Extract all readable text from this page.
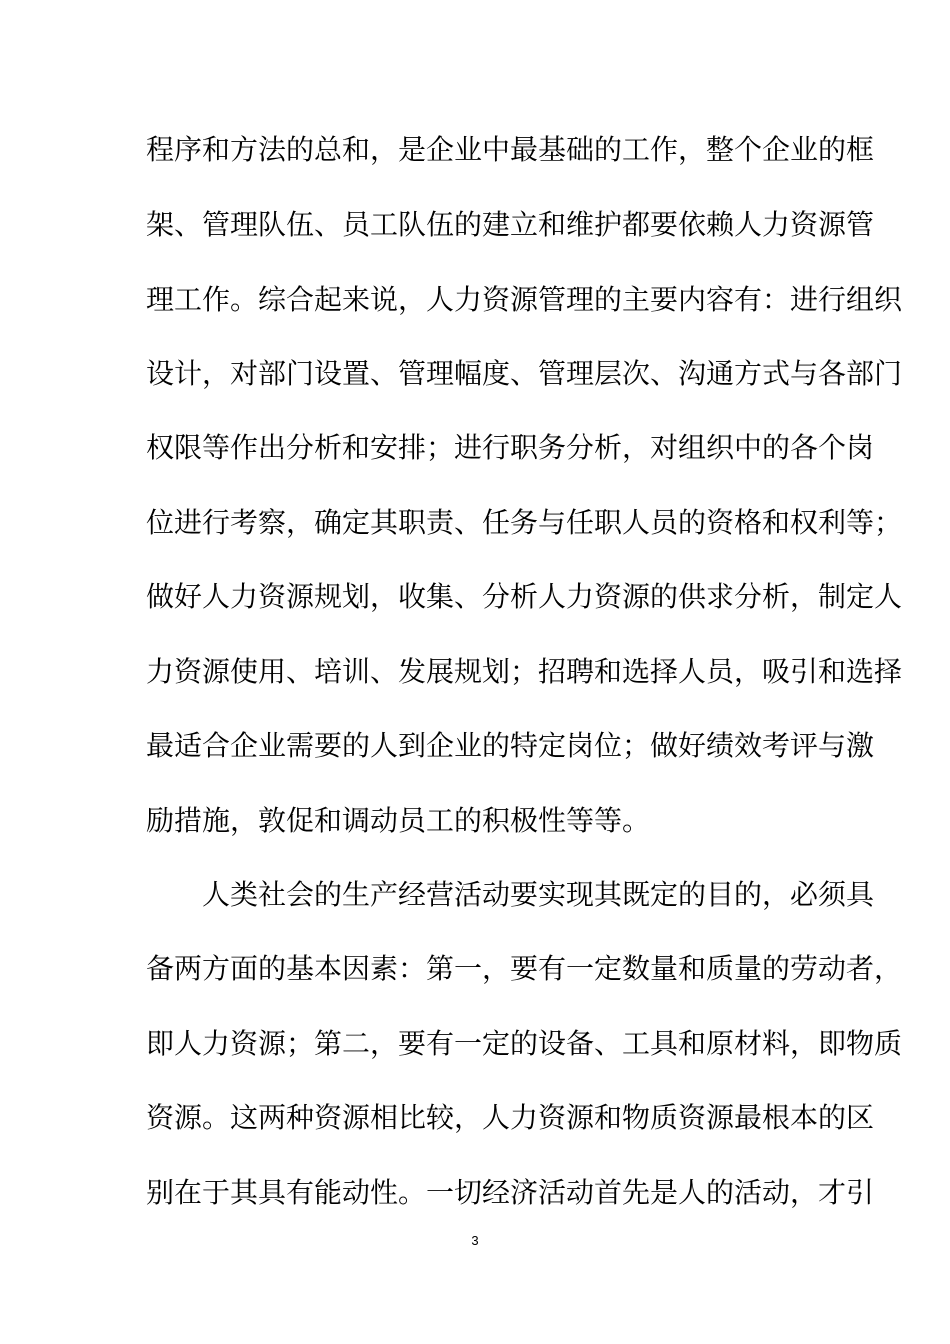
程序和方法的总和，是企业中最基础的工作，整个企业的框
架、管理队伍、员工队伍的建立和维护都要依赖人力资源管
理工作。综合起来说，人力资源管理的主要内容有：进行组织
设计，对部门设置、管理幅度、管理层次、沟通方式与各部门
权限等作出分析和安排；进行职务分析，对组织中的各个岗
位进行考察，确定其职责、任务与任职人员的资格和权利等；
做好人力资源规划，收集、分析人力资源的供求分析，制定人
力资源使用、培训、发展规划；招聘和选择人员，吸引和选择
最适合企业需要的人到企业的特定岗位；做好绩效考评与激
励措施，敦促和调动员工的积极性等等。
人类社会的生产经营活动要实现其既定的目的，必须具
备两方面的基本因素：第一，要有一定数量和质量的劳动者，
即人力资源；第二，要有一定的设备、工具和原材料，即物质
资源。这两种资源相比较，人力资源和物质资源最根本的区
别在于其具有能动性。一切经济活动首先是人的活动，才引
3
